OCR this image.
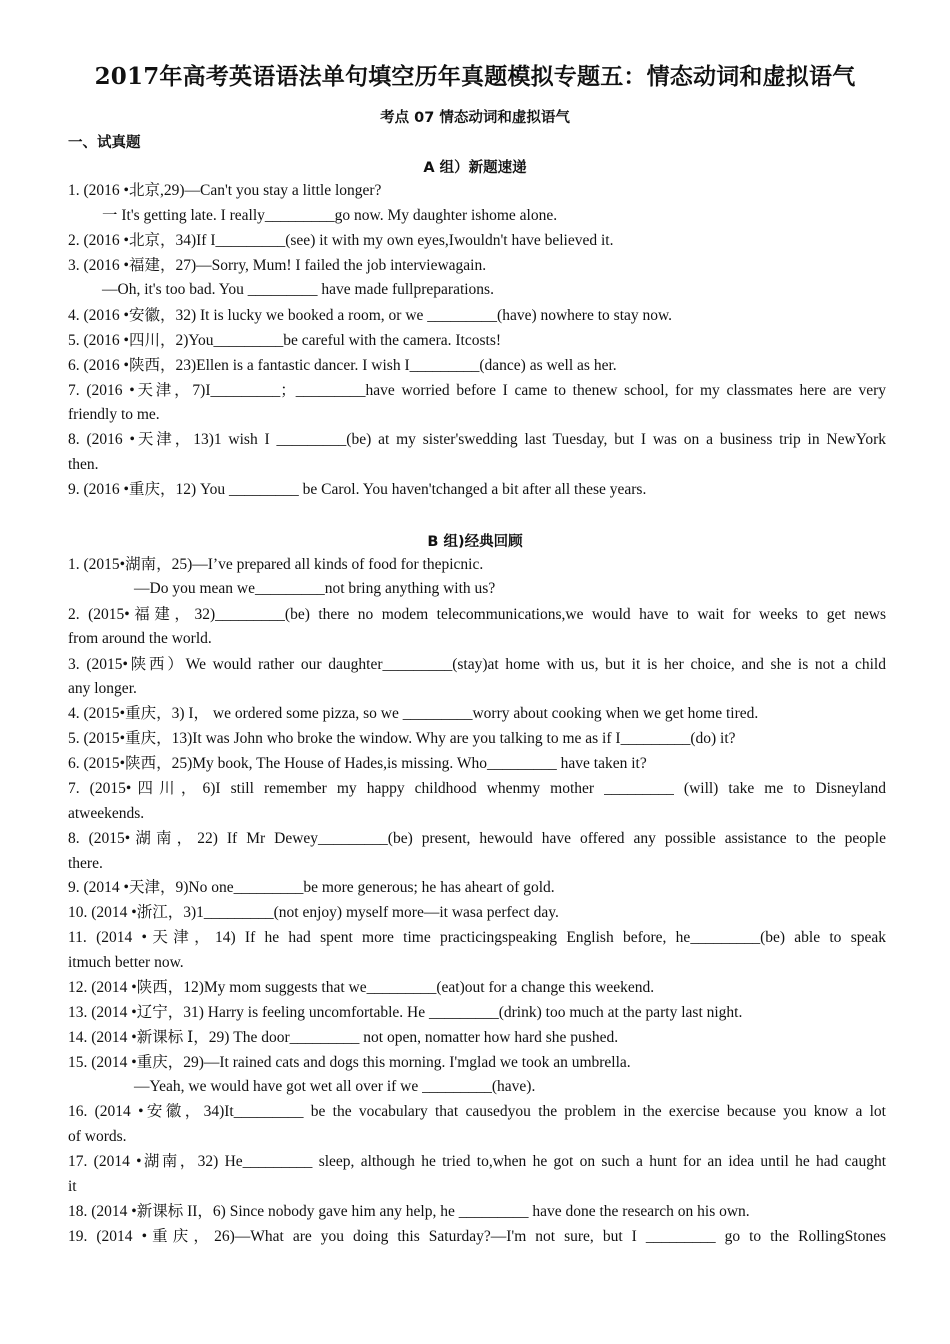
2017年高考英语语法单句填空历年真题模拟专题五：情态动词和虚拟语气
考点 07 情态动词和虚拟语气
一、试真题
A 组）新题速递
1. (2016 •北京,29)—Can't you stay a little longer?
一 It's getting late. I really_________go now. My daughter ishome alone.
2. (2016 •北京，34)If I_________(see) it with my own eyes,Iwouldn't have believed it.
3. (2016 •福建，27)—Sorry, Mum! I failed the job interviewagain.
—Oh, it's too bad. You _________ have made fullpreparations.
4. (2016 •安徽，32) It is lucky we booked a room, or we _________(have) nowhere to stay now.
5. (2016 •四川，2)You_________be careful with the camera. Itcosts!
6. (2016 •陕西，23)Ellen is a fantastic dancer. I wish I_________(dance) as well as her.
7. (2016 •天津，7)I_________；_________have worried before I came to thenew school, for my classmates here are very
friendly to me.
8. (2016 •天津，13)1 wish I _________(be) at my sister'swedding last Tuesday, but I was on a business trip in NewYork
then.
9. (2016 •重庆，12) You _________ be Carol. You haven'tchanged a bit after all these years.
B 组)经典回顾
1. (2015•湖南，25)—I’ve prepared all kinds of food for thepicnic.
—Do you mean we_________not bring anything with us?
2. (2015•福建，32)_________(be) there no modem telecommunications,we would have to wait for weeks to get news
from around the world.
3. (2015•陕西）We would rather our daughter_________(stay)at home with us, but it is her choice, and she is not a child
any longer.
4. (2015•重庆，3) I， we ordered some pizza, so we _________worry about cooking when we get home tired.
5. (2015•重庆，13)It was John who broke the window. Why are you talking to me as if I_________(do) it?
6. (2015•陕西，25)My book, The House of Hades,is missing. Who_________ have taken it?
7. (2015•四川，6)I still remember my happy childhood whenmy mother _________ (will) take me to Disneyland
atweekends.
8. (2015•湖南，22) If Mr Dewey_________(be) present, hewould have offered any possible assistance to the people
there.
9. (2014 •天津，9)No one_________be more generous; he has aheart of gold.
10. (2014 •浙江，3)1_________(not enjoy) myself more—it wasa perfect day.
11. (2014 •天津，14) If he had spent more time practicingspeaking English before, he_________(be) able to speak
itmuch better now.
12. (2014 •陕西，12)My mom suggests that we_________(eat)out for a change this weekend.
13. (2014 •辽宁，31) Harry is feeling uncomfortable. He _________(drink) too much at the party last night.
14. (2014 •新课标 Ⅰ，29) The door_________ not open, nomatter how hard she pushed.
15. (2014 •重庆，29)—It rained cats and dogs this morning. I'mglad we took an umbrella.
—Yeah, we would have got wet all over if we _________(have).
16. (2014 •安徽，34)It_________ be the vocabulary that causedyou the problem in the exercise because you know a lot
of words.
17. (2014 •湖南，32) He_________ sleep, although he tried to,when he got on such a hunt for an idea until he had caught
it
18. (2014 •新课标 II，6) Since nobody gave him any help, he _________ have done the research on his own.
19. (2014 •重庆，26)—What are you doing this Saturday?—I'm not sure, but I _________ go to the RollingStones
